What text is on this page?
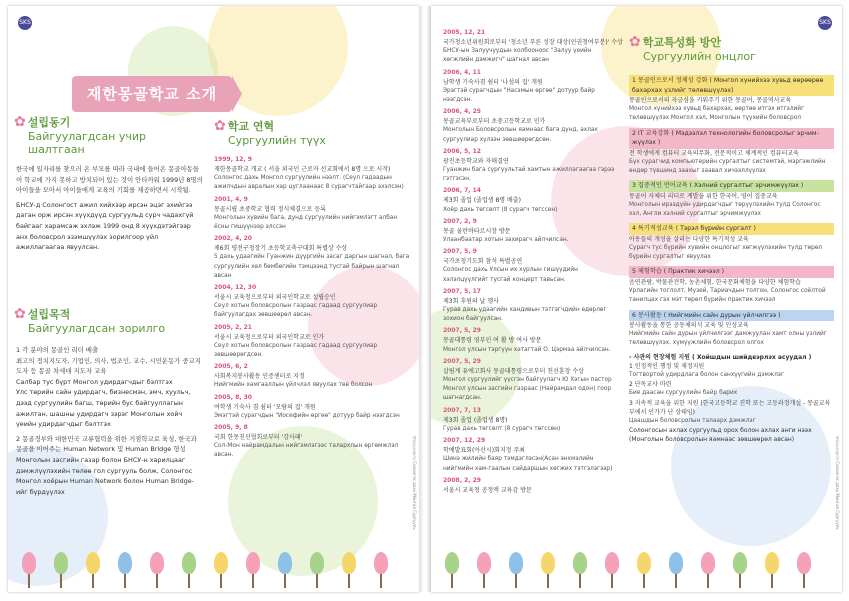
SKS
재한몽골학교 소개
✿ 설립동기
Байгуулагдсан учир шалтгаан

한국에 일자리를 찾으러 온 부모를 따라 국내에 들어온 몽골아동들이 학교에 가지 못하고 방치되어 있는 것이 안타까워 1999년 8명의 아이들을 모아서 아이들에게 교육의 기회를 제공하면서 시작됨.

БНСУ-д Солонгост ажил хийхээр ирсэн эцэг эхийгээ даган орж ирсэн хүүхдүүд сургуульд сурч чадахгүй байгааг харамсаж эхлэж 1999 онд 8 хүүхдэтэйгээр анх боловсрол эзэмшүүлэх зорилгоор үйл ажиллагаагаа явуулсан.

✿ 설립목적
Байгуулагдсан зорилго

1 각 분야의 몽골인 리더 배출

최고의 정치지도자, 기업인, 의사, 법조인, 교수, 시민운동가 중교지도자 등 몽골 차세대 지도자 교육

Салбар тус бүрт Монгол удирдагчдыг бэлтгэх

Улс төрийн сайн удирдагч, бизнесмэн, эмч, хуульч, дээд сургуулийн багш, төрийн бус байгууллагын ажилтан, шашны удирдагч зэрэг Монголын хойч үеийн удирдагчдыг бэлтгэх

2 몽골정부와 대한민국 교류협력을 위한 거점학교로 육성, 한국과 몽골을 이어주는 Human Network 및 Human Bridge 형성

Монголын засгийн газар болон БНСУ-н харилцааг дэмжлүүлэхийн төлөө гол сургууль болж, Солонгос Монгол хоёрын Human Network болон Human Bridge-ийг бүрдүүлэх

✿ 학교 연혁
Сургуулийн түүх
1999, 12, 9
재한몽골학교 개교 ( 서울 외국인 근로자 선교회에서 8명 으로 시작)
Солонгос дахь Монгол сургуулийн нээлт. (Сеул гадаадын ажилчдын авралын хар цуглаанаас 8 сурагчтайгаар эхэлсэн)
2001, 4, 9
몽골시립 초중학교 협력 정식체결으로 등록
Монголын хувийн бага, дунд сургуулийн нийгэмлэгт албан ёсны гишүүнээр элссэн
2002, 4, 20
제6회 평전구청장기 초등학교축구대회 특별상 수상
5 дахь удаагийн Гуанжин дүүргийн засаг даргын шагнал, бага сургуулийн хөл бөмбөгийн тэмцээнд тусгай байрын шагнал авсан
2004, 12, 30
서울시 교육청으로부터 외국인학교로 설립승인
Сеул хотын боловсролын газраас гадаад сургуулиар байгуулагдах зөвшөөрөл авсан.
2005, 2, 21
서울시 교육청으로부터 외국인학교로 인가
Сеул хотын боловсролын газраас гадаад сургуулиар зөвшөөрөгдсөн.
2005, 6, 2
사회복지봉사활동 인증센터로 지정
Нийгмийн хамгааллын үйлчлэл явуулах төв болсон
2005, 8, 30
여학생 기숙사 겸 쉼터 '모람의 집' 개원
Эмэгтэй сурагчдын "Иосефийн өргөө" дотуур байр нээгдсэн
2005, 9, 8
국회 한몽친선협회로부터 '감사패'
Сол-Мон найрамдалын нийгэмлэгээс талархлын өргөмжлэл авсан.	재한몽골학교 Солонгос дахь Монгол Сургууль
SKS
2005, 12, 21
국가청소년위원회로부터 '청소년 푸른 성장 대상(인권청여부분)' 수상
БНСУ-ын Залуучуудын холбооноос "Залуу үеийн хөгжлийн дэмжигч" шагнал авсан
2006, 4, 11
남학생 기숙사겸 쉼터 '나섬의 집' 개원
Эрэгтэй сурагчдын "Насэмын өргөө" дотуур байр нээгдсэн.
2006, 4, 25
몽골교육부로부터 초중고등학교로 인가
Монголын Боловсролын яамнаас бага дунд, ахлах сургуулиар хүлээн зөвшөөрөгдсөн.
2006, 5, 12
광진초등학교와 자매결연
Гуанжин бага сургуультай хамтын ажиллагаагаа гэрээ гэтгэсэн.
2006, 7, 14
제3회 졸업 (졸업생 8명 배출)
Хоёр дахь төгсөлт (8 сурагч төгссөн)
2007, 2, 9
몽골 울란바타르시장 방문
Улаанбаатар хотын захирагч айлчилсан.
2007, 5, 9
국가초청기도회 참석 특별공연
Солонгос дахь Улсын их хурлын гишүүдийн хэлэлцүүлгийг тусгай концерт тавьсан.
2007, 5, 17
제3회 후원의 날 행사
Гурав дахь удаагийн хандивын тэтгэгчдийн өдөрлөг зохион байгуулсан.
2007, 5, 29
몽골대통령 영부인 여 활 방 여사 방문
Монгол улсын тэргүүн хатагтай О. Цэрмаа айлчилсан.
2007, 5, 29
살림계 유에고회사 몽골대통령으로부터 친선훈장 수상
Монгол сургуулийг үүсгэн байгуулагч Ю Хэгын пастор Монгол улсын засгийн газраас (Найрамдал одон) гоор шагнагдсан.
2007, 7, 13
제3회 졸업 (졸업생 8명)
Гурав дахь төгсөлт (8 сурагч төгссөн)
2007, 12, 29
학예발표회(아산시)회지정 주최
Шинэ жилийн баяр тэмдэглэсэн(Асан энхмэлийн нийгмийн хам-гаалын сайдаршын хөгжих тэтгэлэгээр)
2008, 2, 29
서울시 교육청 공정액 교육감 방문
✿ 학교특성화 방안
Сургуулийн онцлог
1 몽골인으로서 정체성 강화 ( Монгол хүнийхээ хувьд өөрөөрөө бахархах үзлийг төлөвшүүлэх)
몽골인으로서의 자긍심을 키워주기 위한 몽골어, 몽골역사교육
Монгол хүнийхээ хувьд бахархах, өөртөө итгэх итгэлийг төлөвшүүлэх Монгол хэл, Монголын түүхийн боловсрол
2 IT 교육강화 ( Мэдээлэл технологийн боловсролыг эрчим-жүүлэх )
전 학생에게 컴퓨터 교육의무화, 전문적이고 체계적인 컴퓨터교육
Бүх сурагчид компьютерийн сургалтыг системтэй, мэргэжлийн өндөр түвшинд заахыг заавал хичээллүүлэх
3 집중적인 언어교육 ( Хэлний сургалтыг эрчимжүүлэх )
몽골어 자체더 리더로 계발을 위한 한국어, 영어 집중교육
Монголын ирээдүйн удирдагчдыг төрүүлэхийн тулд Солонгос хэл, Англи хэлний сургалтыг эрчимжүүлэх
4 특기적성교육 ( Тэрэл бүрийн сургалт )
아동들의 개성을 살리는 다양한 특기적성 교육
Сурагч тус бүрийн хувийн онцлогыг хөгжүүлэхийн тулд төрөл бүрийн сургалтыг явуулах
5 체험학습 ( Практик хичээл )
음연관람, 박물관견학, 농촌체험, 한국문화체험을 다양한 체험학습
Урлагийн тоглолт, Музей, Тариачдын толгон, Солонгос соёлтой танилцах гэх мэт төрөл бүрийн практик хичээл
6 봉사활동 ( Нийгмийн сайн дурын үйлчилгээ )
봉사활동을 통한 공동체의식 교육 및 인성교육
Нийгмийн сайн дурын үйлчилгээг дамжуулан хамт олны үзлийг төлөвшүүлэх, хүмүүжлийн боловсрол олгох
- 사관의 현장체험 지원 ( Хойшдын шийдвэрлэх асуудал )
1 인정적인 행정 및 재정지원
Тогтвортой удирдлага болон санхүүгийн дэмжлэг
2 단독교사 마련
Бие даасан сургуулийн байр барих
3 지속적 교육을 위한 지원 (한국고등학교 진학 또는 고등과정개설 - 몽골교육부에서 인가가 난 상태임)
Цаашдын боловсролын талаарх дэмжлэг
Солонгосын ахлах сургуульд орох болон ахлах анги нээх (Монголын боловсролын яамнаас зөвшөөрөл авсан)	재한몽골학교 Солонгос дахь Монгол Сургууль
